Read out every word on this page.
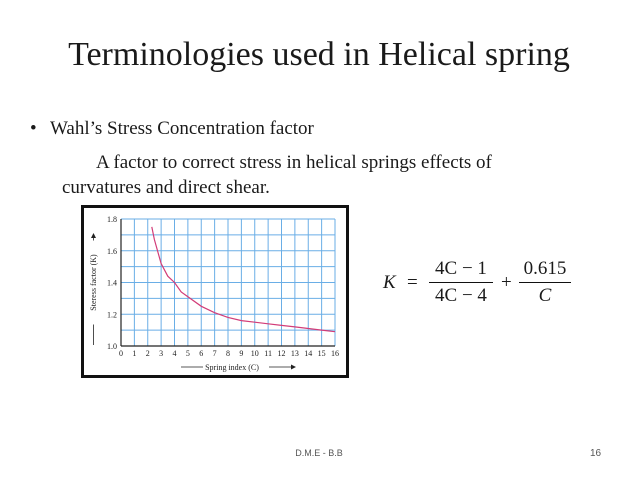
Terminologies used in Helical spring
• Wahl’s Stress Concentration factor
A factor to correct stress in helical springs effects of
curvatures and direct shear.
1.0
1.2
1.4
1.6
1.8
0 1 2 3 4 5 6 7 8 9 10 11 12 13 14 15 16
Spring index (C)
Steress factor (K)	K =
4C − 1
4C − 4
+
0.615
C
D.M.E - B.B	16
